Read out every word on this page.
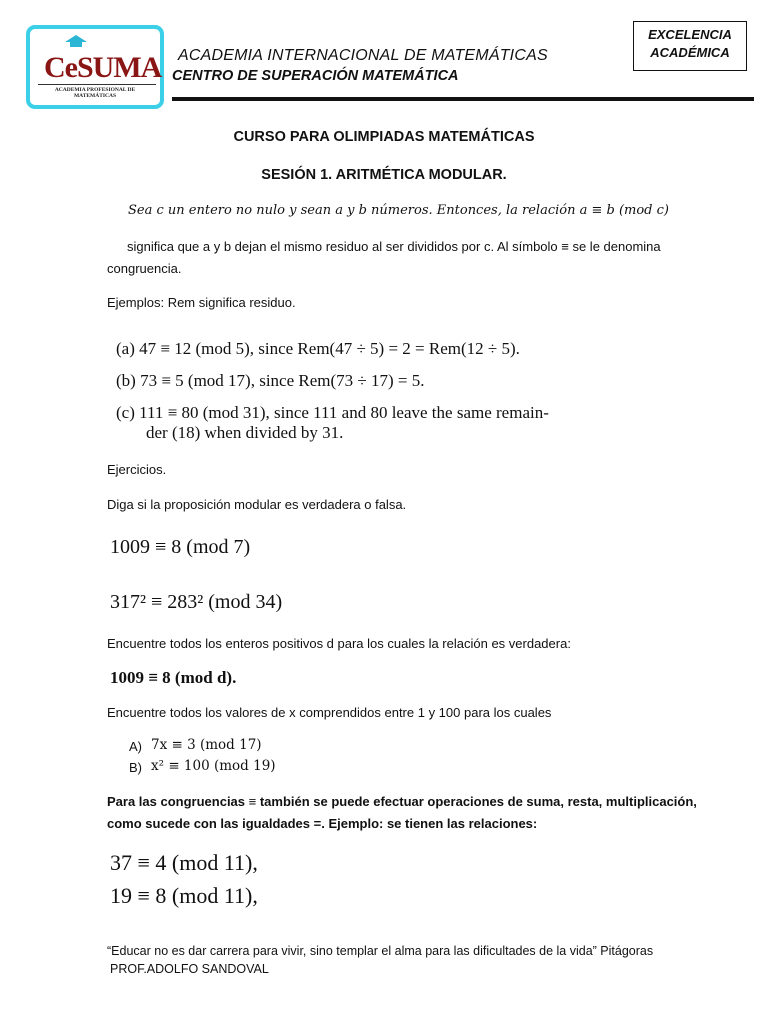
CeSUMA
ACADEMIA PROFESIONAL DE MATEMÁTICAS
ACADEMIA INTERNACIONAL DE MATEMÁTICAS
CENTRO DE SUPERACIÓN MATEMÁTICA
EXCELENCIA
ACADÉMICA
CURSO PARA OLIMPIADAS MATEMÁTICAS
SESIÓN 1. ARITMÉTICA MODULAR.
Sea c un entero no nulo y sean a y b números. Entonces, la relación a ≡ b (mod c)
significa que a y b dejan el mismo residuo al ser divididos por c. Al símbolo ≡ se le denomina
congruencia.
Ejemplos: Rem significa residuo.
(a) 47 ≡ 12 (mod 5), since Rem(47 ÷ 5) = 2 = Rem(12 ÷ 5).
(b) 73 ≡ 5 (mod 17), since Rem(73 ÷ 17) = 5.
(c) 111 ≡ 80 (mod 31), since 111 and 80 leave the same remain-
der (18) when divided by 31.
Ejercicios.
Diga si la proposición modular es verdadera o falsa.
1009 ≡ 8 (mod 7)
317² ≡ 283² (mod 34)
Encuentre todos los enteros positivos d para los cuales la relación es verdadera:
1009 ≡ 8 (mod d).
Encuentre todos los valores de x comprendidos entre 1 y 100 para los cuales
A) 7x ≡ 3 (mod 17)
B) x² ≡ 100 (mod 19)
Para las congruencias ≡ también se puede efectuar operaciones de suma, resta, multiplicación,
como sucede con las igualdades =. Ejemplo: se tienen las relaciones:
37 ≡ 4 (mod 11),
19 ≡ 8 (mod 11),
“Educar no es dar carrera para vivir, sino templar el alma para las dificultades de la vida” Pitágoras
PROF.ADOLFO SANDOVAL
